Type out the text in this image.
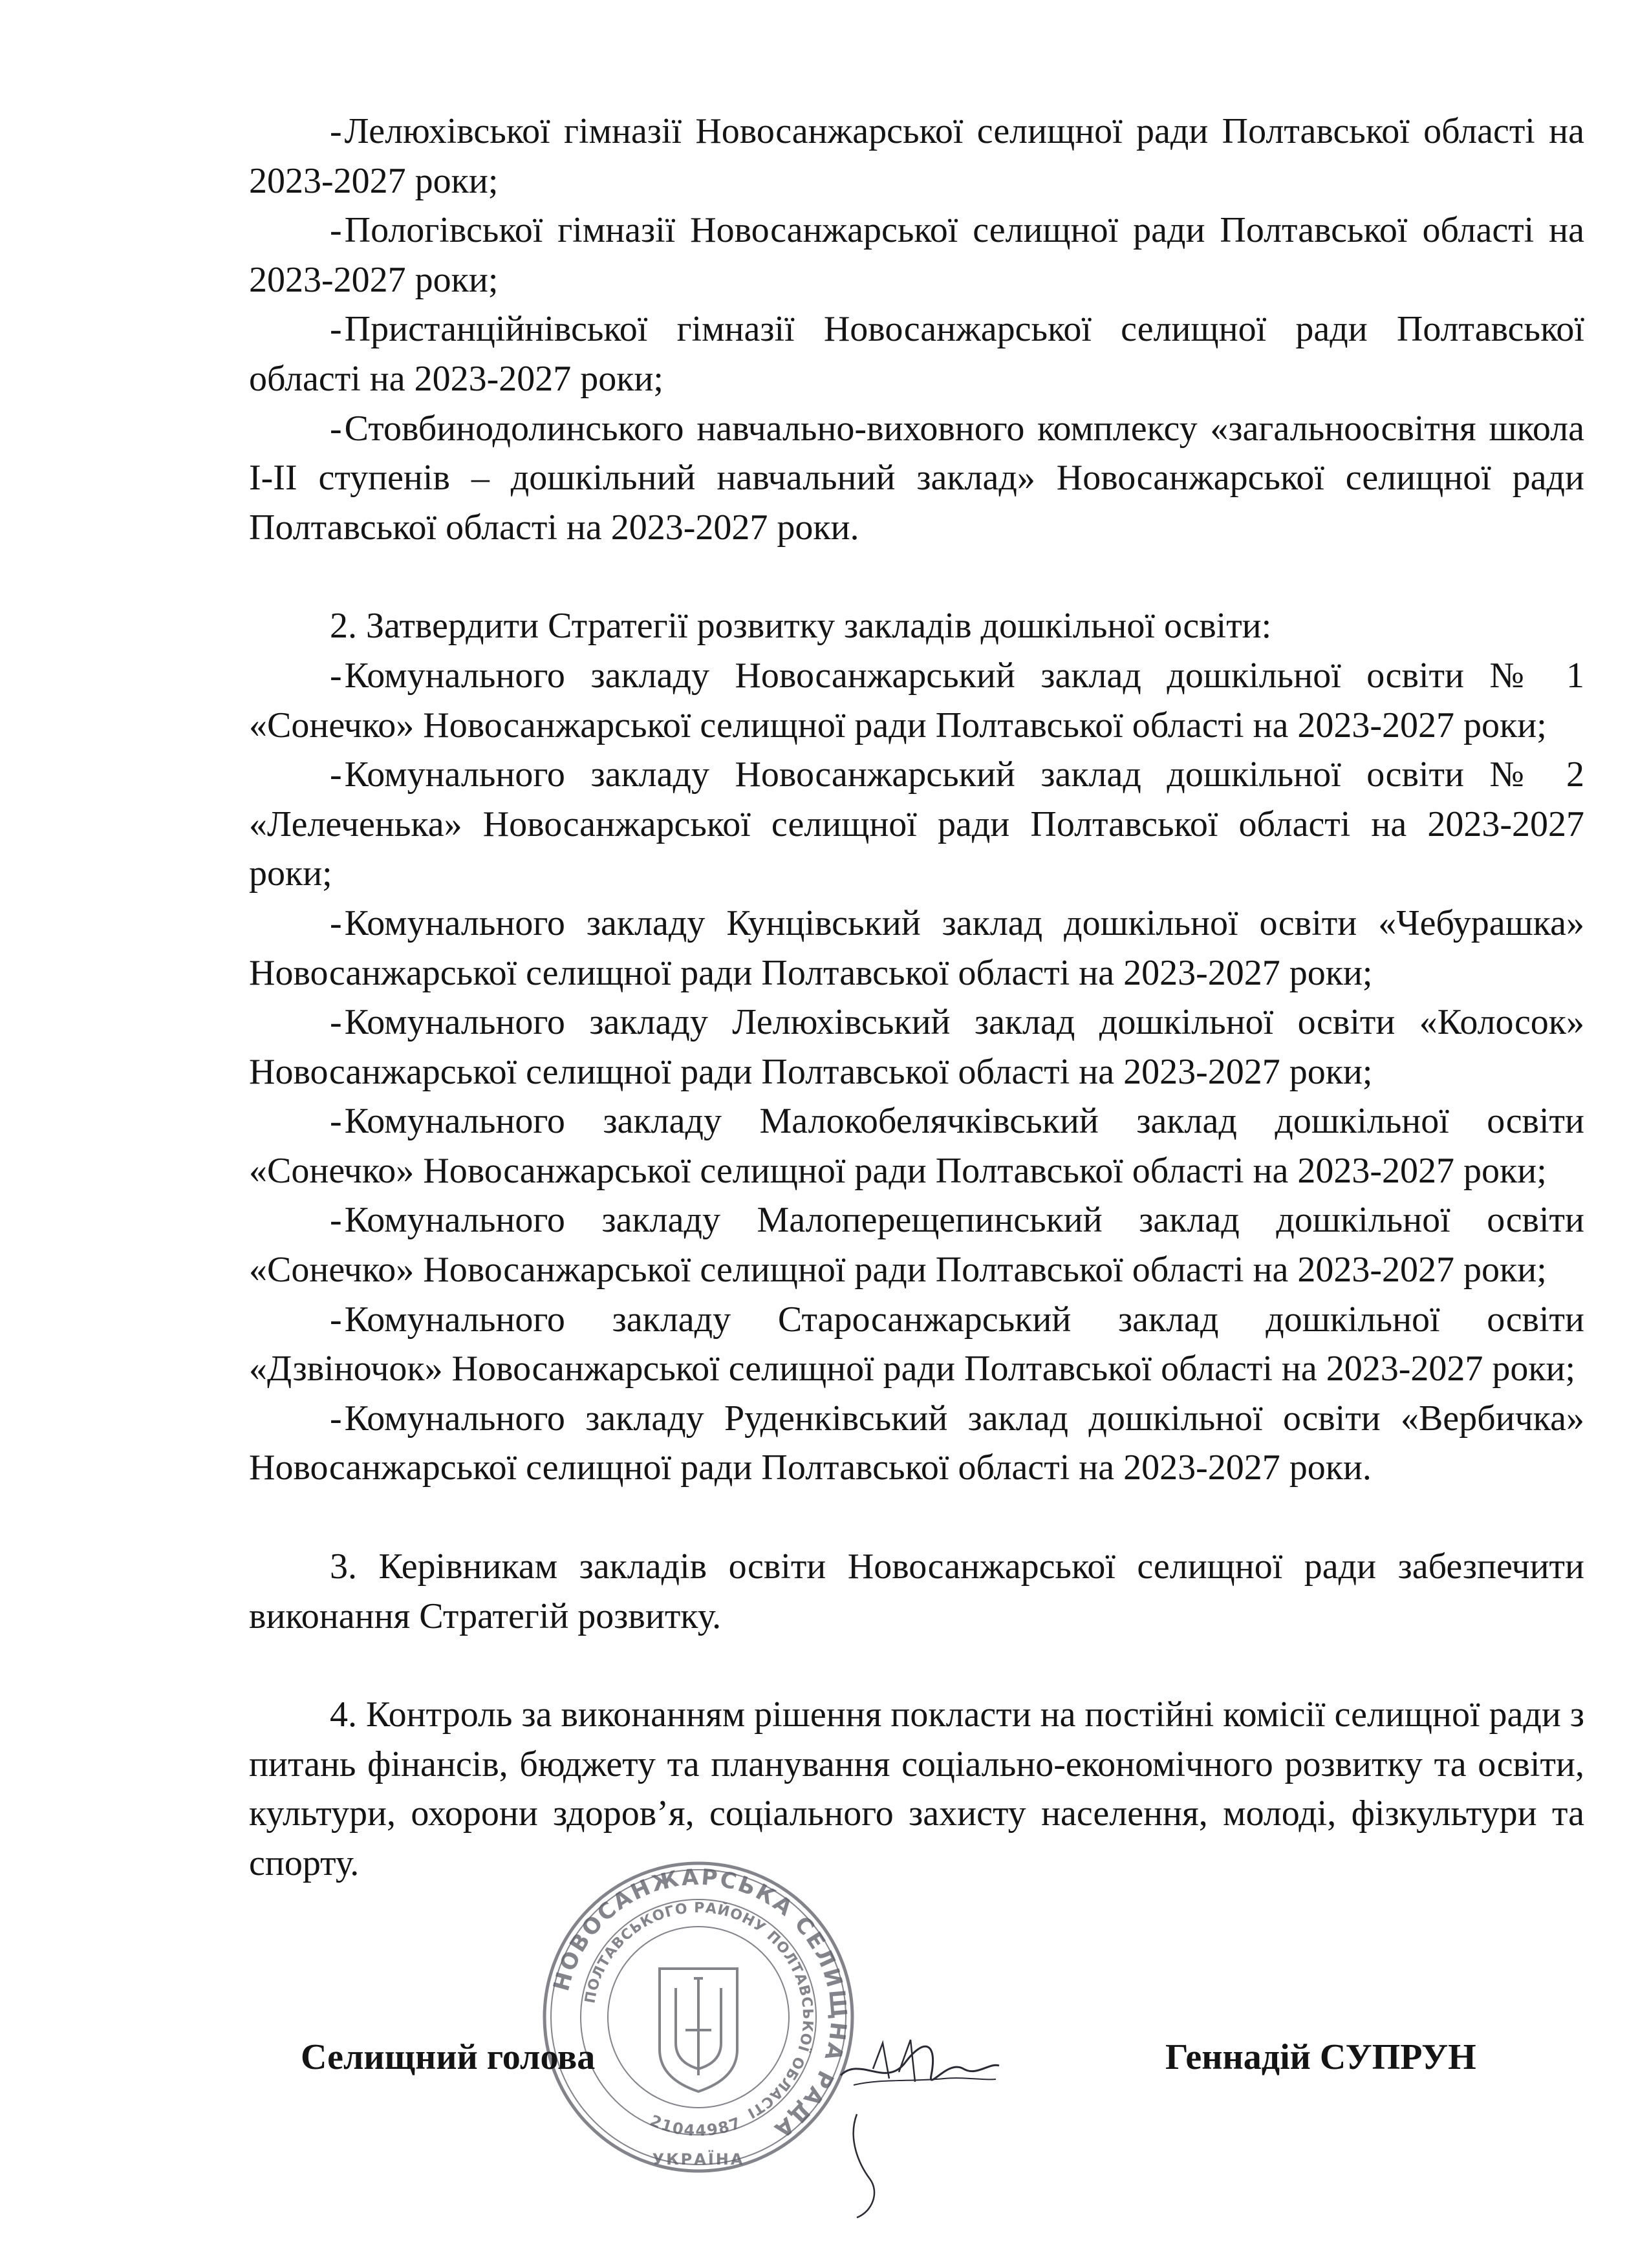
-Лелюхівської гімназії Новосанжарської селищної ради Полтавської області на 2023-2027 роки;

-Пологівської гімназії Новосанжарської селищної ради Полтавської області на 2023-2027 роки;

-Пристанційнівської гімназії Новосанжарської селищної ради Полтавської області на 2023-2027 роки;

-Стовбинодолинського навчально-виховного комплексу «загальноосвітня школа І-ІІ ступенів – дошкільний навчальний заклад» Новосанжарської селищної ради Полтавської області на 2023-2027 роки.

2. Затвердити Стратегії розвитку закладів дошкільної освіти:

-Комунального закладу Новосанжарський заклад дошкільної освіти № 1 «Сонечко» Новосанжарської селищної ради Полтавської області на 2023-2027 роки;

-Комунального закладу Новосанжарський заклад дошкільної освіти № 2 «Лелеченька» Новосанжарської селищної ради Полтавської області на 2023-2027 роки;

-Комунального закладу Кунцівський заклад дошкільної освіти «Чебурашка» Новосанжарської селищної ради Полтавської області на 2023-2027 роки;

-Комунального закладу Лелюхівський заклад дошкільної освіти «Колосок» Новосанжарської селищної ради Полтавської області на 2023-2027 роки;

-Комунального закладу Малокобелячківський заклад дошкільної освіти «Сонечко» Новосанжарської селищної ради Полтавської області на 2023-2027 роки;

-Комунального закладу Малоперещепинський заклад дошкільної освіти «Сонечко» Новосанжарської селищної ради Полтавської області на 2023-2027 роки;

-Комунального закладу Старосанжарський заклад дошкільної освіти «Дзвіночок» Новосанжарської селищної ради Полтавської області на 2023-2027 роки;

-Комунального закладу Руденківський заклад дошкільної освіти «Вербичка» Новосанжарської селищної ради Полтавської області на 2023-2027 роки.

3. Керівникам закладів освіти Новосанжарської селищної ради забезпечити виконання Стратегій розвитку.

4. Контроль за виконанням рішення покласти на постійні комісії селищної ради з питань фінансів, бюджету та планування соціально-економічного розвитку та освіти, культури, охорони здоров’я, соціального захисту населення, молоді, фізкультури та спорту.

НОВОСАНЖАРСЬКА СЕЛИЩНА РАДА
ПОЛТАВСЬКОГО РАЙОНУ ПОЛТАВСЬКОЇ ОБЛАСТІ
21044987
УКРАЇНА
Селищний голова	Геннадій СУПРУН
